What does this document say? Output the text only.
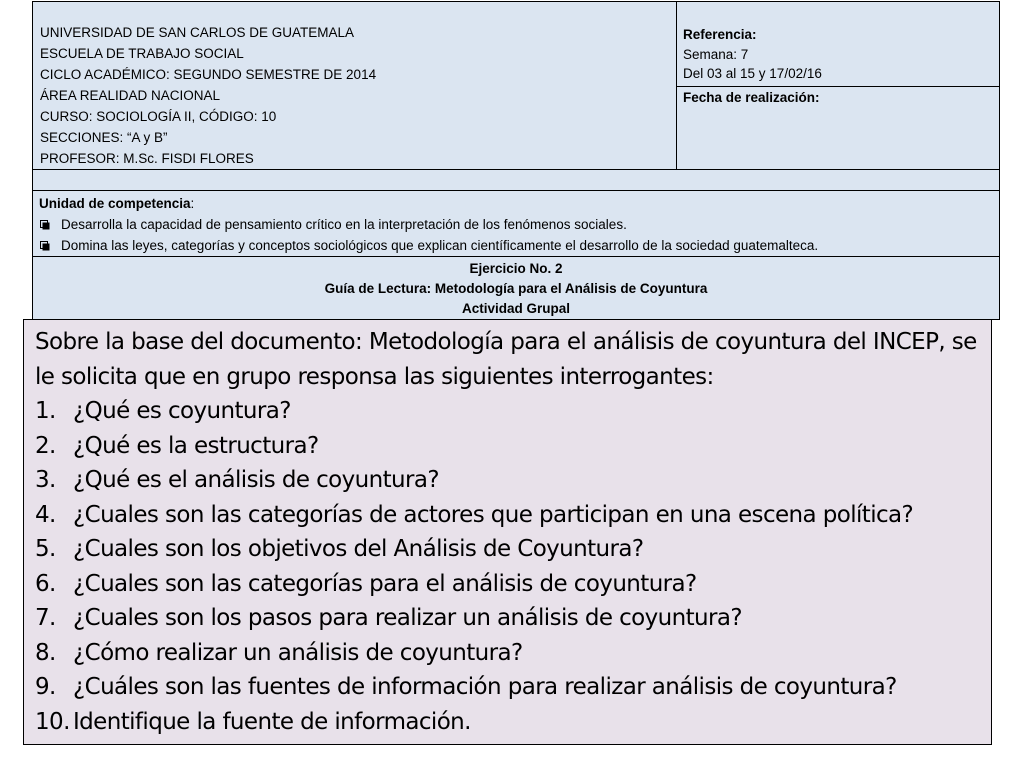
UNIVERSIDAD DE SAN CARLOS DE GUATEMALA
ESCUELA DE TRABAJO SOCIAL
CICLO ACADÉMICO: SEGUNDO SEMESTRE DE 2014
ÁREA REALIDAD NACIONAL
CURSO: SOCIOLOGÍA II, CÓDIGO: 10
SECCIONES: “A y B”
PROFESOR: M.Sc. FISDI FLORES

Referencia:
Semana: 7
Del 03 al 15 y 17/02/16

Fecha de realización:

Unidad de competencia:
Desarrolla la capacidad de pensamiento crítico en la interpretación de los fenómenos sociales.
Domina las leyes, categorías y conceptos sociológicos que explican científicamente el desarrollo de la sociedad guatemalteca.

Ejercicio No. 2
Guía de Lectura: Metodología para el Análisis de Coyuntura
Actividad Grupal

Sobre la base del documento: Metodología para el análisis de coyuntura del INCEP, se le solicita que en grupo responsa las siguientes interrogantes:

1. ¿Qué es coyuntura?
2. ¿Qué es la estructura?
3. ¿Qué es el análisis de coyuntura?
4. ¿Cuales son las categorías de actores que participan en una escena política?
5. ¿Cuales son los objetivos del Análisis de Coyuntura?
6. ¿Cuales son las categorías para el análisis de coyuntura?
7. ¿Cuales son los pasos para realizar un análisis de coyuntura?
8. ¿Cómo realizar un análisis de coyuntura?
9. ¿Cuáles son las fuentes de información para realizar análisis de coyuntura?
10. Identifique la fuente de información.
